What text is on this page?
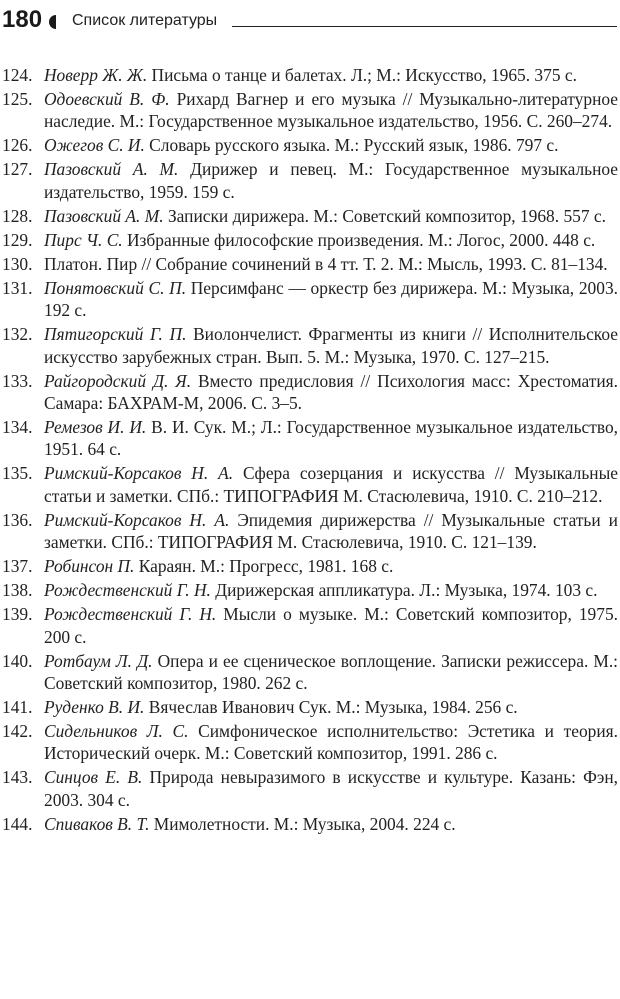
180 Список литературы
124. Новерр Ж. Ж. Письма о танце и балетах. Л.; М.: Искусство, 1965. 375 с.
125. Одоевский В. Ф. Рихард Вагнер и его музыка // Музыкально-литературное наследие. М.: Государственное музыкальное издательство, 1956. С. 260–274.
126. Ожегов С. И. Словарь русского языка. М.: Русский язык, 1986. 797 с.
127. Пазовский А. М. Дирижер и певец. М.: Государственное музыкальное издательство, 1959. 159 с.
128. Пазовский А. М. Записки дирижера. М.: Советский композитор, 1968. 557 с.
129. Пирс Ч. С. Избранные философские произведения. М.: Логос, 2000. 448 с.
130. Платон. Пир // Собрание сочинений в 4 тт. Т. 2. М.: Мысль, 1993. С. 81–134.
131. Понятовский С. П. Персимфанс — оркестр без дирижера. М.: Музыка, 2003. 192 с.
132. Пятигорский Г. П. Виолончелист. Фрагменты из книги // Исполнительское искусство зарубежных стран. Вып. 5. М.: Музыка, 1970. С. 127–215.
133. Райгородский Д. Я. Вместо предисловия // Психология масс: Хрестоматия. Самара: БАХРАМ-М, 2006. С. 3–5.
134. Ремезов И. И. В. И. Сук. М.; Л.: Государственное музыкальное издательство, 1951. 64 с.
135. Римский-Корсаков Н. А. Сфера созерцания и искусства // Музыкальные статьи и заметки. СПб.: ТИПОГРАФИЯ М. Стасюлевича, 1910. С. 210–212.
136. Римский-Корсаков Н. А. Эпидемия дирижерства // Музыкальные статьи и заметки. СПб.: ТИПОГРАФИЯ М. Стасюлевича, 1910. С. 121–139.
137. Робинсон П. Караян. М.: Прогресс, 1981. 168 с.
138. Рождественский Г. Н. Дирижерская аппликатура. Л.: Музыка, 1974. 103 с.
139. Рождественский Г. Н. Мысли о музыке. М.: Советский композитор, 1975. 200 с.
140. Ротбаум Л. Д. Опера и ее сценическое воплощение. Записки режиссера. М.: Советский композитор, 1980. 262 с.
141. Руденко В. И. Вячеслав Иванович Сук. М.: Музыка, 1984. 256 с.
142. Сидельников Л. С. Симфоническое исполнительство: Эстетика и теория. Исторический очерк. М.: Советский композитор, 1991. 286 с.
143. Синцов Е. В. Природа невыразимого в искусстве и культуре. Казань: Фэн, 2003. 304 с.
144. Спиваков В. Т. Мимолетности. М.: Музыка, 2004. 224 с.
